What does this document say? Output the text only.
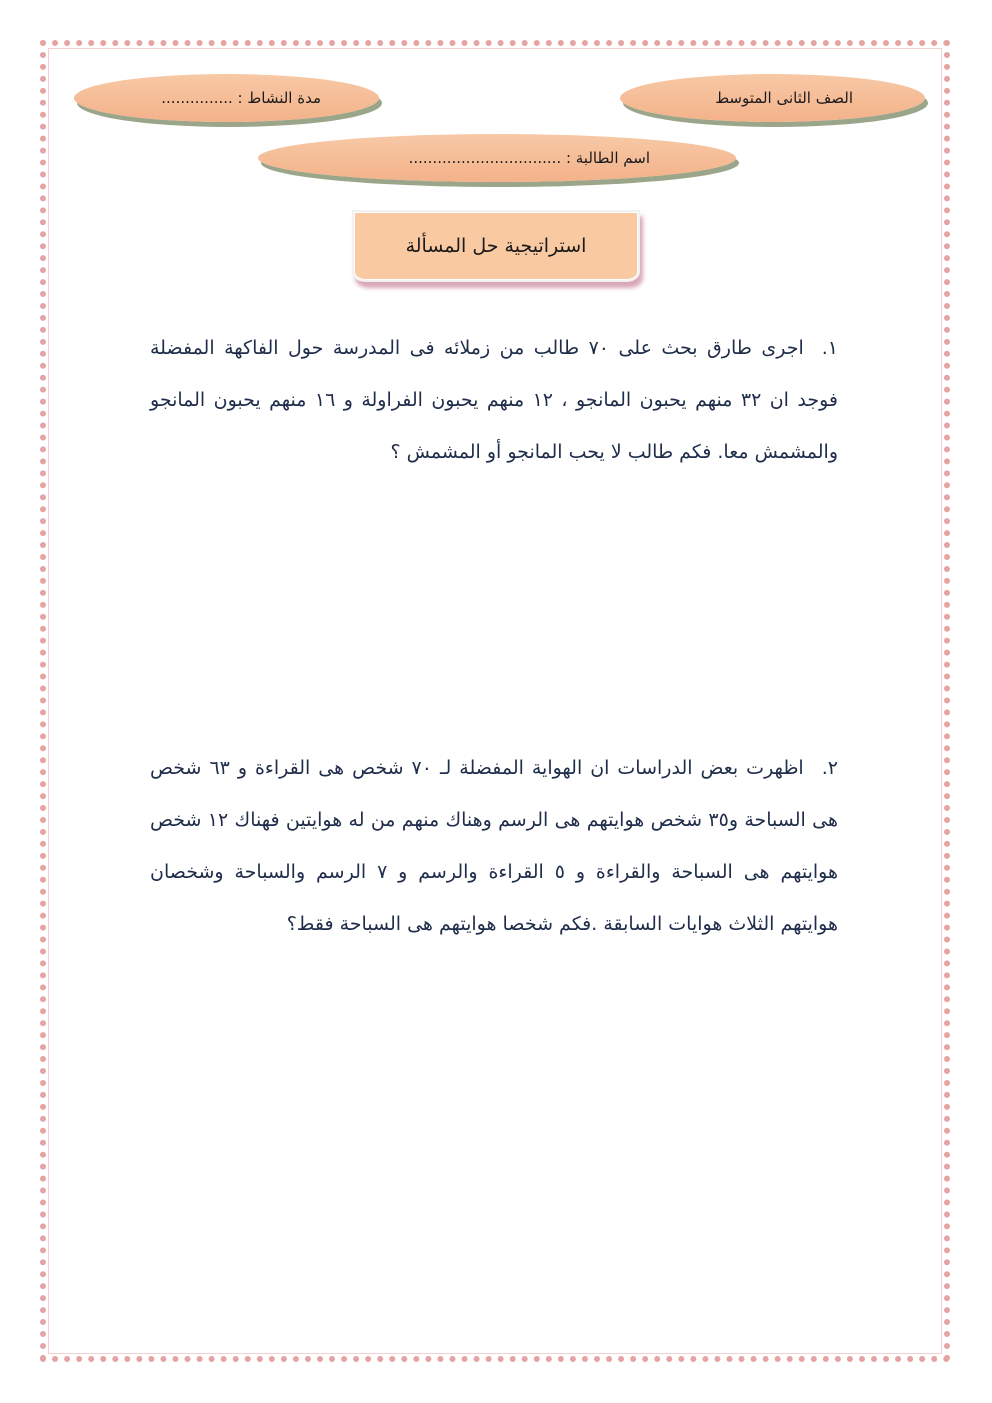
الصف الثانى المتوسط
مدة النشاط : ...............
اسم الطالبة : ................................
استراتيجية حل المسألة
١.اجرى طارق بحث على ٧٠ طالب من زملائه فى المدرسة حول الفاكهة المفضلة فوجد ان ٣٢ منهم يحبون المانجو ، ١٢ منهم يحبون الفراولة و ١٦ منهم يحبون المانجو والمشمش معا. فكم طالب لا يحب المانجو أو المشمش ؟
٢.اظهرت بعض الدراسات ان الهواية المفضلة لـ ٧٠ شخص هى القراءة و ٦٣ شخص هى السباحة و٣٥ شخص هوايتهم هى الرسم وهناك منهم من له هوايتين فهناك ١٢ شخص هوايتهم هى السباحة والقراءة و ٥ القراءة والرسم و ٧ الرسم والسباحة وشخصان هوايتهم الثلاث هوايات السابقة .فكم شخصا هوايتهم هى السباحة فقط؟
